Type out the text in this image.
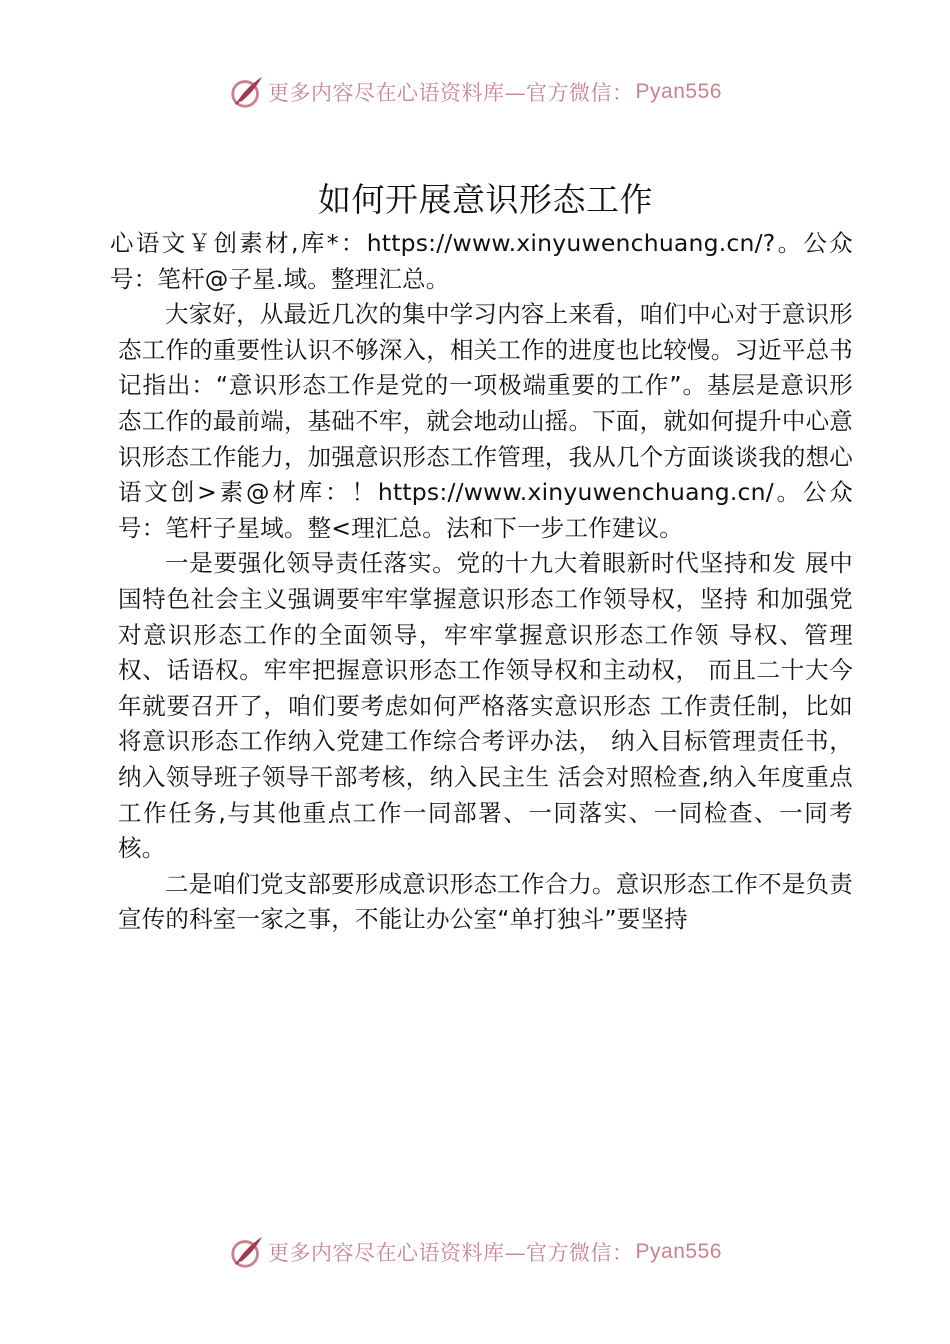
更多内容尽在心语资料库—官方微信： Pyan556
如何开展意识形态工作

心语文￥创素材,库*：https://www.xinyuwenchuang.cn/?。公众号：笔杆@子星.域。整理汇总。

大家好，从最近几次的集中学习内容上来看，咱们中心对于意识形态工作的重要性认识不够深入，相关工作的进度也比较慢。习近平总书记指出：“意识形态工作是党的一项极端重要的工作”。基层是意识形态工作的最前端，基础不牢，就会地动山摇。下面，就如何提升中心意识形态工作能力，加强意识形态工作管理，我从几个方面谈谈我的想心语文创>素@材库：！https://www.xinyuwenchuang.cn/。公众号：笔杆子星域。整<理汇总。法和下一步工作建议。

一是要强化领导责任落实。党的十九大着眼新时代坚持和发 展中国特色社会主义强调要牢牢掌握意识形态工作领导权，坚持 和加强党对意识形态工作的全面领导，牢牢掌握意识形态工作领 导权、管理权、话语权。牢牢把握意识形态工作领导权和主动权， 而且二十大今年就要召开了，咱们要考虑如何严格落实意识形态 工作责任制，比如将意识形态工作纳入党建工作综合考评办法， 纳入目标管理责任书，纳入领导班子领导干部考核，纳入民主生 活会对照检查,纳入年度重点工作任务,与其他重点工作一同部署、一同落实、一同检查、一同考核。

二是咱们党支部要形成意识形态工作合力。意识形态工作不是负责宣传的科室一家之事，不能让办公室“单打独斗”要坚持

更多内容尽在心语资料库—官方微信： Pyan556
